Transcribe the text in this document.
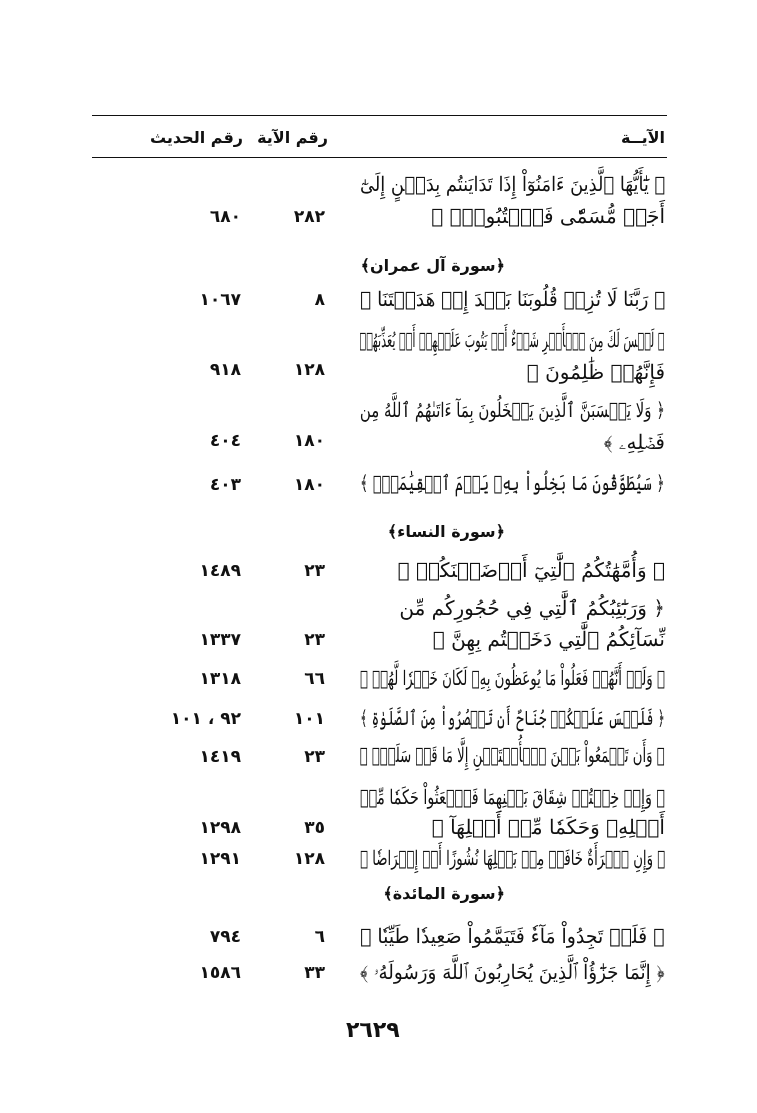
الآيــة
رقم الآية
رقم الحديث
﴿ يَٰٓأَيُّهَا ٱلَّذِينَ ءَامَنُوٓاْ إِذَا تَدَايَنتُم بِدَيۡنٍ إِلَىٰٓ
أَجَلٖ مُّسَمّٗى فَٱكۡتُبُوهُۚ ﴾
٢٨٢
٦٨٠
﴿سورة آل عمران﴾
﴿ رَبَّنَا لَا تُزِغۡ قُلُوبَنَا بَعۡدَ إِذۡ هَدَيۡتَنَا ﴾
٨
١٠٦٧
﴿ لَيۡسَ لَكَ مِنَ ٱلۡأَمۡرِ شَيۡءٌ أَوۡ يَتُوبَ عَلَيۡهِمۡ أَوۡ يُعَذِّبَهُمۡ
فَإِنَّهُمۡ ظَٰلِمُونَ ﴾
١٢٨
٩١٨
﴿ وَلَا يَحۡسَبَنَّ ٱلَّذِينَ يَبۡخَلُونَ بِمَآ ءَاتَىٰهُمُ ٱللَّهُ مِن
فَضۡلِهِۦ ﴾
١٨٠
٤٠٤
﴿ سَيُطَوَّقُونَ مَا بَخِلُواْ بِهِۦ يَوۡمَ ٱلۡقِيَٰمَةِۗ ﴾
١٨٠
٤٠٣
﴿سورة النساء﴾
﴿ وَأُمَّهَٰتُكُمُ ٱلَّٰتِيٓ أَرۡضَعۡنَكُمۡ ﴾
٢٣
١٤٨٩
﴿ وَرَبَٰٓئِبُكُمُ ٱلَّٰتِي فِي حُجُورِكُم مِّن
نِّسَآئِكُمُ ٱلَّٰتِي دَخَلۡتُم بِهِنَّ ﴾
٢٣
١٣٣٧
﴿ وَلَوۡ أَنَّهُمۡ فَعَلُواْ مَا يُوعَظُونَ بِهِۦ لَكَانَ خَيۡرٗا لَّهُمۡ ﴾
٦٦
١٣١٨
﴿ فَلَيۡسَ عَلَيۡكُمۡ جُنَاحٌ أَن تَقۡصُرُواْ مِنَ ٱلصَّلَوٰةِ ﴾
١٠١
٩٢ ، ١٠١
﴿ وَأَن تَجۡمَعُواْ بَيۡنَ ٱلۡأُخۡتَيۡنِ إِلَّا مَا قَدۡ سَلَفَۗ ﴾
٢٣
١٤١٩
﴿ وَإِنۡ خِفۡتُمۡ شِقَاقَ بَيۡنِهِمَا فَٱبۡعَثُواْ حَكَمٗا مِّنۡ
أَهۡلِهِۦ وَحَكَمٗا مِّنۡ أَهۡلِهَآ ﴾
٣٥
١٢٩٨
﴿ وَإِنِ ٱمۡرَأَةٌ خَافَتۡ مِنۢ بَعۡلِهَا نُشُوزًا أَوۡ إِعۡرَاضٗا ﴾
١٢٨
١٢٩١
﴿سورة المائدة﴾
﴿ فَلَمۡ تَجِدُواْ مَآءٗ فَتَيَمَّمُواْ صَعِيدٗا طَيِّبٗا ﴾
٦
٧٩٤
﴿ إِنَّمَا جَزَٰٓؤُاْ ٱلَّذِينَ يُحَارِبُونَ ٱللَّهَ وَرَسُولَهُۥ ﴾
٣٣
١٥٨٦
٢٦٢٩
